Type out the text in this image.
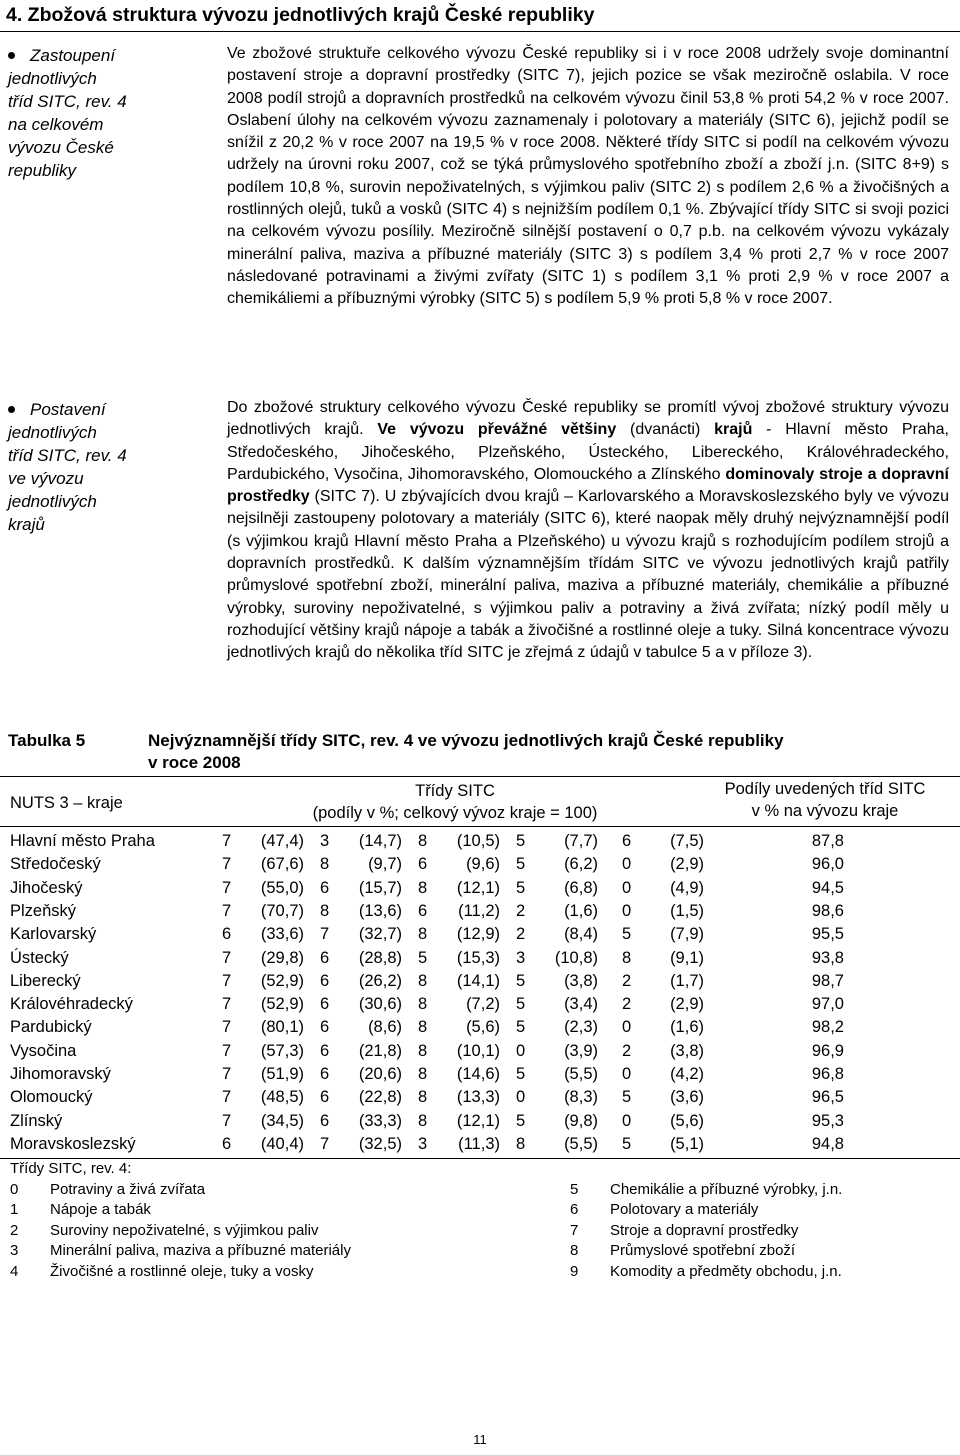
4. Zbožová struktura vývozu jednotlivých krajů České republiky
Zastoupení
jednotlivých
tříd SITC, rev. 4
na celkovém
vývozu České
republiky
Ve zbožové struktuře celkového vývozu České republiky si i v roce 2008 udržely svoje dominantní postavení stroje a dopravní prostředky (SITC 7), jejich pozice se však meziročně oslabila. V roce 2008 podíl strojů a dopravních prostředků na celkovém vývozu činil 53,8 % proti 54,2 % v roce 2007. Oslabení úlohy na celkovém vývozu zaznamenaly i polotovary a materiály (SITC 6), jejichž podíl se snížil z 20,2 % v roce 2007 na 19,5 % v roce 2008. Některé třídy SITC si podíl na celkovém vývozu udržely na úrovni roku 2007, což se týká průmyslového spotřebního zboží a zboží j.n. (SITC 8+9) s podílem 10,8 %, surovin nepoživatelných, s výjimkou paliv (SITC 2) s podílem 2,6 % a živočišných a rostlinných olejů, tuků a vosků (SITC 4) s nejnižším podílem 0,1 %. Zbývající třídy SITC si svoji pozici na celkovém vývozu posílily. Meziročně silnější postavení o 0,7 p.b. na celkovém vývozu vykázaly minerální paliva, maziva a příbuzné materiály (SITC 3) s podílem 3,4 % proti 2,7 % v roce 2007 následované potravinami a živými zvířaty (SITC 1) s podílem 3,1 % proti 2,9 % v roce 2007 a chemikáliemi a příbuznými výrobky (SITC 5) s podílem 5,9 % proti 5,8 % v roce 2007.
Postavení
jednotlivých
tříd SITC, rev. 4
ve vývozu
jednotlivých
krajů
Do zbožové struktury celkového vývozu České republiky se promítl vývoj zbožové struktury vývozu jednotlivých krajů. Ve vývozu převážné většiny (dvanácti) krajů - Hlavní město Praha, Středočeského, Jihočeského, Plzeňského, Ústeckého, Libereckého, Královéhradeckého, Pardubického, Vysočina, Jihomoravského, Olomouckého a Zlínského dominovaly stroje a dopravní prostředky (SITC 7). U zbývajících dvou krajů – Karlovarského a Moravskoslezského byly ve vývozu nejsilněji zastoupeny polotovary a materiály (SITC 6), které naopak měly druhý nejvýznamnější podíl (s výjimkou krajů Hlavní město Praha a Plzeňského) u vývozu krajů s rozhodujícím podílem strojů a dopravních prostředků. K dalším významnějším třídám SITC ve vývozu jednotlivých krajů patřily průmyslové spotřební zboží, minerální paliva, maziva a příbuzné materiály, chemikálie a příbuzné výrobky, suroviny nepoživatelné, s výjimkou paliv a potraviny a živá zvířata; nízký podíl měly u rozhodující většiny krajů nápoje a tabák a živočišné a rostlinné oleje a tuky. Silná koncentrace vývozu jednotlivých krajů do několika tříd SITC je zřejmá z údajů v tabulce 5 a v příloze 3).
Tabulka 5	Nejvýznamnější třídy SITC, rev. 4 ve vývozu jednotlivých krajů České republiky
v roce 2008
NUTS 3 – kraje
Třídy SITC
(podíly v %; celkový vývoz kraje = 100)
Podíly uvedených tříd SITC
v % na vývozu kraje
Hlavní město Praha	7	(47,4) 3	(14,7) 8	(10,5) 5	(7,7) 6	(7,5)	87,8
Středočeský	7	(67,6) 8	(9,7) 6	(9,6) 5	(6,2) 0	(2,9)	96,0
Jihočeský	7	(55,0) 6	(15,7) 8	(12,1) 5	(6,8) 0	(4,9)	94,5
Plzeňský	7	(70,7) 8	(13,6) 6	(11,2) 2	(1,6) 0	(1,5)	98,6
Karlovarský	6	(33,6) 7	(32,7) 8	(12,9) 2	(8,4) 5	(7,9)	95,5
Ústecký	7	(29,8) 6	(28,8) 5	(15,3) 3	(10,8) 8	(9,1)	93,8
Liberecký	7	(52,9) 6	(26,2) 8	(14,1) 5	(3,8) 2	(1,7)	98,7
Královéhradecký	7	(52,9) 6	(30,6) 8	(7,2) 5	(3,4) 2	(2,9)	97,0
Pardubický	7	(80,1) 6	(8,6) 8	(5,6) 5	(2,3) 0	(1,6)	98,2
Vysočina	7	(57,3) 6	(21,8) 8	(10,1) 0	(3,9) 2	(3,8)	96,9
Jihomoravský	7	(51,9) 6	(20,6) 8	(14,6) 5	(5,5) 0	(4,2)	96,8
Olomoucký	7	(48,5) 6	(22,8) 8	(13,3) 0	(8,3) 5	(3,6)	96,5
Zlínský	7	(34,5) 6	(33,3) 8	(12,1) 5	(9,8) 0	(5,6)	95,3
Moravskoslezský	6	(40,4) 7	(32,5) 3	(11,3) 8	(5,5) 5	(5,1)	94,8
Třídy SITC, rev. 4:
0 Potraviny a živá zvířata
1 Nápoje a tabák
2 Suroviny nepoživatelné, s výjimkou paliv
3 Minerální paliva, maziva a příbuzné materiály
4 Živočišné a rostlinné oleje, tuky a vosky
5 Chemikálie a příbuzné výrobky, j.n.
6 Polotovary a materiály
7 Stroje a dopravní prostředky
8 Průmyslové spotřební zboží
9 Komodity a předměty obchodu, j.n.
11
